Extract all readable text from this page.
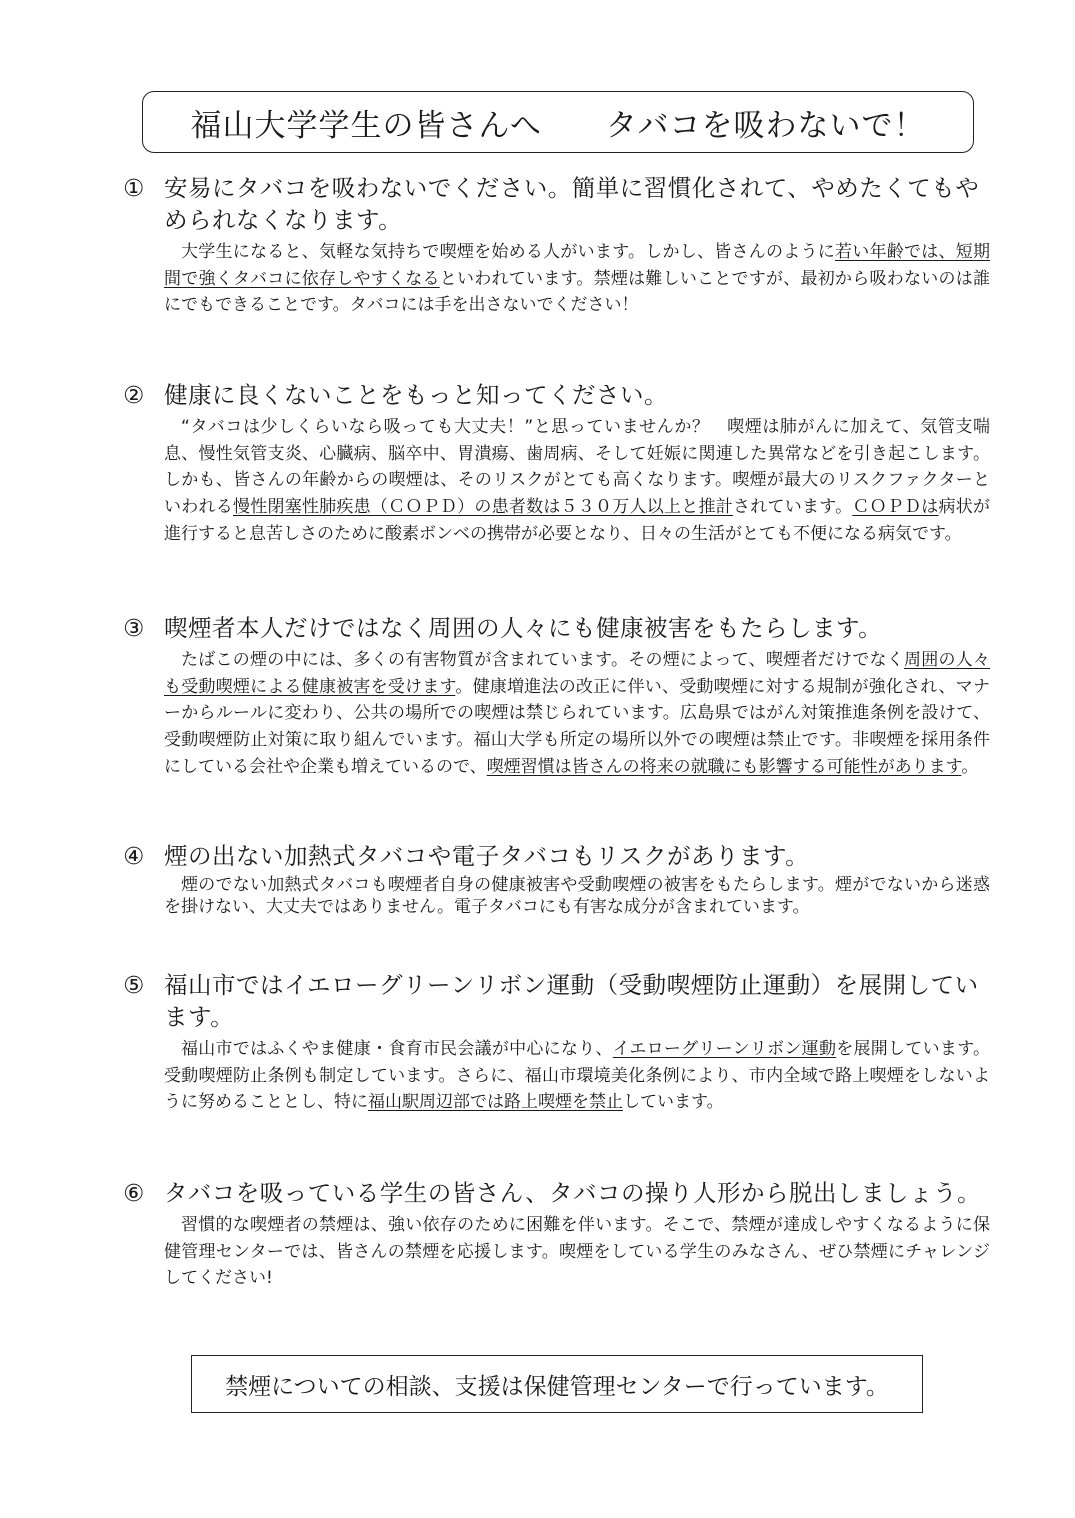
福山大学学生の皆さんへ　　タバコを吸わないで！
① 安易にタバコを吸わないでください。簡単に習慣化されて、やめたくてもやめられなくなります。
大学生になると、気軽な気持ちで喫煙を始める人がいます。しかし、皆さんのように若い年齢では、短期間で強くタバコに依存しやすくなるといわれています。禁煙は難しいことですが、最初から吸わないのは誰にでもできることです。タバコには手を出さないでください！
② 健康に良くないことをもっと知ってください。
“タバコは少しくらいなら吸っても大丈夫！”と思っていませんか？　喫煙は肺がんに加えて、気管支喘息、慢性気管支炎、心臓病、脳卒中、胃潰瘍、歯周病、そして妊娠に関連した異常などを引き起こします。しかも、皆さんの年齢からの喫煙は、そのリスクがとても高くなります。喫煙が最大のリスクファクターといわれる慢性閉塞性肺疾患（ＣＯＰＤ）の患者数は５３０万人以上と推計されています。ＣＯＰＤは病状が進行すると息苦しさのために酸素ボンベの携帯が必要となり、日々の生活がとても不便になる病気です。
③ 喫煙者本人だけではなく周囲の人々にも健康被害をもたらします。
たばこの煙の中には、多くの有害物質が含まれています。その煙によって、喫煙者だけでなく周囲の人々も受動喫煙による健康被害を受けます。健康増進法の改正に伴い、受動喫煙に対する規制が強化され、マナーからルールに変わり、公共の場所での喫煙は禁じられています。広島県ではがん対策推進条例を設けて、受動喫煙防止対策に取り組んでいます。福山大学も所定の場所以外での喫煙は禁止です。非喫煙を採用条件にしている会社や企業も増えているので、喫煙習慣は皆さんの将来の就職にも影響する可能性があります。
④ 煙の出ない加熱式タバコや電子タバコもリスクがあります。
煙のでない加熱式タバコも喫煙者自身の健康被害や受動喫煙の被害をもたらします。煙がでないから迷惑を掛けない、大丈夫ではありません。電子タバコにも有害な成分が含まれています。
⑤ 福山市ではイエローグリーンリボン運動（受動喫煙防止運動）を展開しています。
福山市ではふくやま健康・食育市民会議が中心になり、イエローグリーンリボン運動を展開しています。受動喫煙防止条例も制定しています。さらに、福山市環境美化条例により、市内全域で路上喫煙をしないように努めることとし、特に福山駅周辺部では路上喫煙を禁止しています。
⑥ タバコを吸っている学生の皆さん、タバコの操り人形から脱出しましょう。
習慣的な喫煙者の禁煙は、強い依存のために困難を伴います。そこで、禁煙が達成しやすくなるように保健管理センターでは、皆さんの禁煙を応援します。喫煙をしている学生のみなさん、ぜひ禁煙にチャレンジしてください!
禁煙についての相談、支援は保健管理センターで行っています。
